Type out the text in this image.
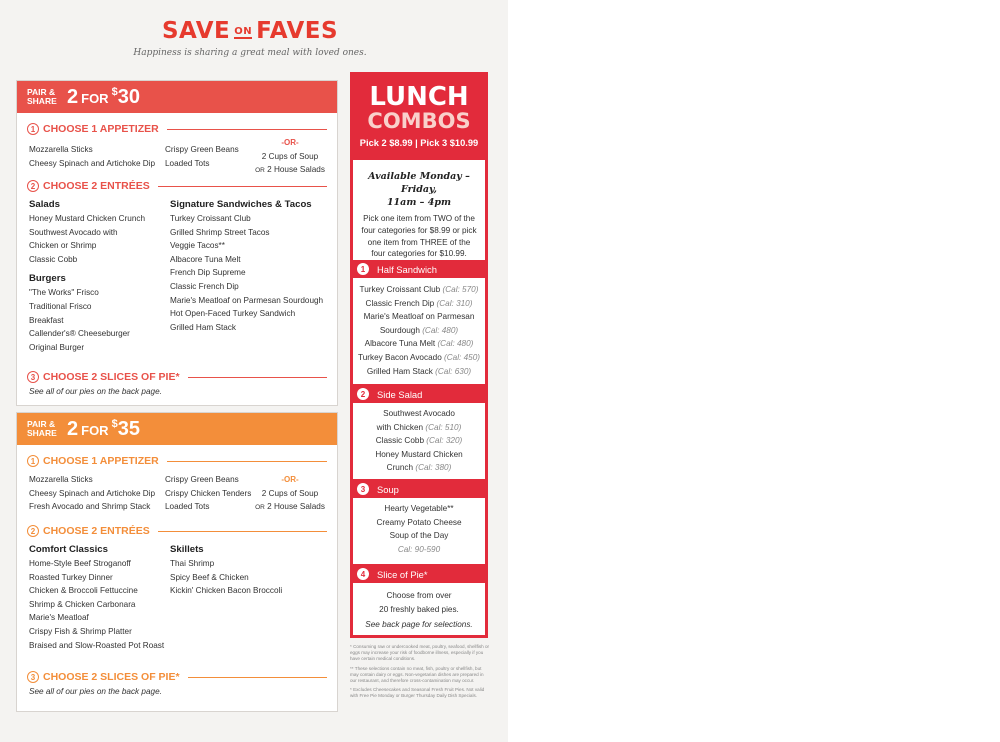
SAVE ON FAVES
Happiness is sharing a great meal with loved ones.
PAIR &
SHARE 2 FOR $30
1 CHOOSE 1 APPETIZER
Mozzarella Sticks
Cheesy Spinach and Artichoke Dip
Crispy Green Beans
Loaded Tots
-OR-
2 Cups of Soup
OR 2 House Salads
2 CHOOSE 2 ENTRÉES
Salads
Honey Mustard Chicken Crunch
Southwest Avocado with
Chicken or Shrimp
Classic Cobb
Burgers
"The Works" Frisco
Traditional Frisco
Breakfast
Callender's® Cheeseburger
Original Burger
Signature Sandwiches & Tacos
Turkey Croissant Club
Grilled Shrimp Street Tacos
Veggie Tacos**
Albacore Tuna Melt
French Dip Supreme
Classic French Dip
Marie's Meatloaf on Parmesan Sourdough
Hot Open-Faced Turkey Sandwich
Grilled Ham Stack
3 CHOOSE 2 SLICES OF PIE*
See all of our pies on the back page.
PAIR &
SHARE 2 FOR $35
1 CHOOSE 1 APPETIZER
Mozzarella Sticks
Cheesy Spinach and Artichoke Dip
Fresh Avocado and Shrimp Stack
Crispy Green Beans
Crispy Chicken Tenders
Loaded Tots
-OR-
2 Cups of Soup
OR 2 House Salads
2 CHOOSE 2 ENTRÉES
Comfort Classics
Home-Style Beef Stroganoff
Roasted Turkey Dinner
Chicken & Broccoli Fettuccine
Shrimp & Chicken Carbonara
Marie's Meatloaf
Crispy Fish & Shrimp Platter
Braised and Slow-Roasted Pot Roast
Skillets
Thai Shrimp
Spicy Beef & Chicken
Kickin' Chicken Bacon Broccoli
3 CHOOSE 2 SLICES OF PIE*
See all of our pies on the back page.
LUNCH
COMBOS
Pick 2 $8.99 | Pick 3 $10.99
Available Monday – Friday,
11am – 4pm
Pick one item from TWO of the
four categories for $8.99 or pick
one item from THREE of the
four categories for $10.99.
1	Half Sandwich
Turkey Croissant Club (Cal: 570)
Classic French Dip (Cal: 310)
Marie's Meatloaf on Parmesan
Sourdough (Cal: 480)
Albacore Tuna Melt (Cal: 480)
Turkey Bacon Avocado (Cal: 450)
Grilled Ham Stack (Cal: 630)
2	Side Salad
Southwest Avocado
with Chicken (Cal: 510)
Classic Cobb (Cal: 320)
Honey Mustard Chicken
Crunch (Cal: 380)
3	Soup
Hearty Vegetable**
Creamy Potato Cheese
Soup of the Day
Cal: 90-590
4	Slice of Pie*
Choose from over
20 freshly baked pies.
See back page for selections.
* Consuming raw or undercooked meat, poultry, seafood, shellfish or eggs may increase your risk of foodborne illness, especially if you have certain medical conditions.
** These selections contain no meat, fish, poultry or shellfish, but may contain dairy or eggs. Non-vegetarian dishes are prepared in our restaurant, and therefore cross-contamination may occur.
* Excludes Cheesecakes and Seasonal Fresh Fruit Pies. Not valid with Free Pie Monday or Burger Thursday Daily Dish Specials.
